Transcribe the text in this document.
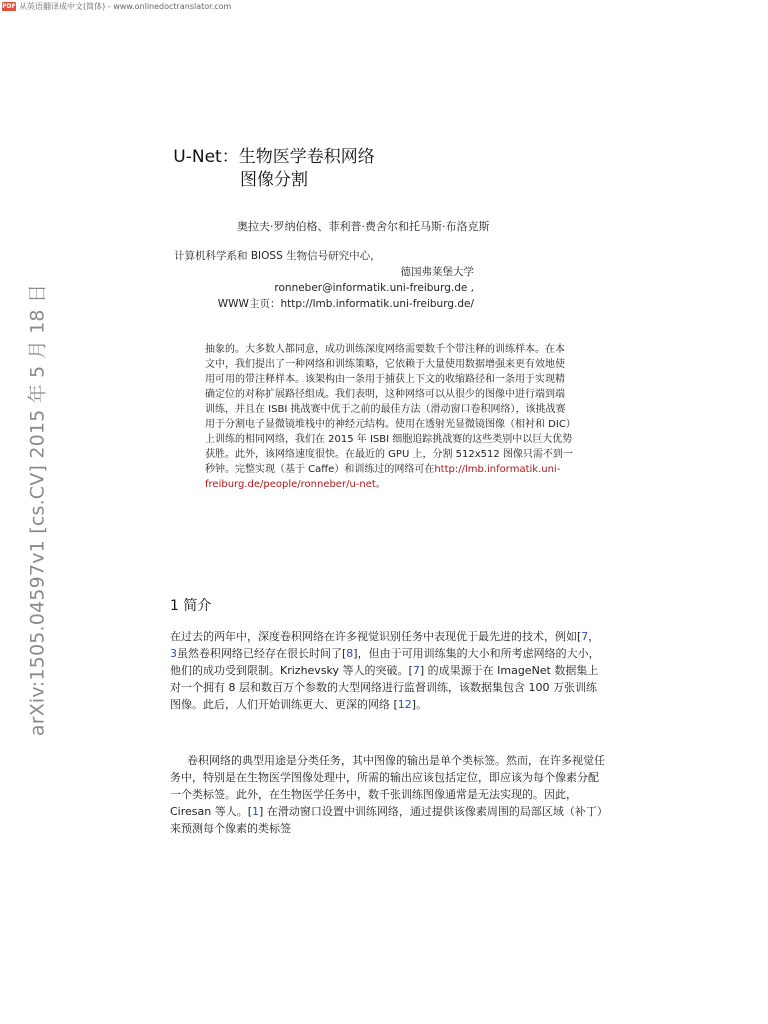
PDF 从英语翻译成中文(简体) - www.onlinedoctranslator.com
arXiv:1505.04597v1 [cs.CV] 2015 年 5 月 18 日
U-Net：生物医学卷积网络
图像分割
奥拉夫·罗纳伯格、菲利普·费舍尔和托马斯·布洛克斯
计算机科学系和 BIOSS 生物信号研究中心，
德国弗莱堡大学
ronneber@informatik.uni-freiburg.de ,
WWW主页：http://lmb.informatik.uni-freiburg.de/

抽象的。大多数人都同意，成功训练深度网络需要数千个带注释的训练样本。在本文中，我们提出了一种网络和训练策略，它依赖于大量使用数据增强来更有效地使用可用的带注释样本。该架构由一条用于捕获上下文的收缩路径和一条用于实现精确定位的对称扩展路径组成。我们表明，这种网络可以从很少的图像中进行端到端训练，并且在 ISBI 挑战赛中优于之前的最佳方法（滑动窗口卷积网络），该挑战赛用于分割电子显微镜堆栈中的神经元结构。使用在透射光显微镜图像（相衬和 DIC）上训练的相同网络，我们在 2015 年 ISBI 细胞追踪挑战赛的这些类别中以巨大优势获胜。此外，该网络速度很快。在最近的 GPU 上，分割 512x512 图像只需不到一秒钟。完整实现（基于 Caffe）和训练过的网络可在http://lmb.informatik.uni-freiburg.de/people/ronneber/u-net。

1 简介

在过去的两年中，深度卷积网络在许多视觉识别任务中表现优于最先进的技术，例如[7，3虽然卷积网络已经存在很长时间了[8]，但由于可用训练集的大小和所考虑网络的大小，他们的成功受到限制。Krizhevsky 等人的突破。[7] 的成果源于在 ImageNet 数据集上对一个拥有 8 层和数百万个参数的大型网络进行监督训练，该数据集包含 100 万张训练图像。此后，人们开始训练更大、更深的网络 [12]。

卷积网络的典型用途是分类任务，其中图像的输出是单个类标签。然而，在许多视觉任务中，特别是在生物医学图像处理中，所需的输出应该包括定位，即应该为每个像素分配一个类标签。此外，在生物医学任务中，数千张训练图像通常是无法实现的。因此，Ciresan 等人。[1] 在滑动窗口设置中训练网络，通过提供该像素周围的局部区域（补丁）来预测每个像素的类标签
